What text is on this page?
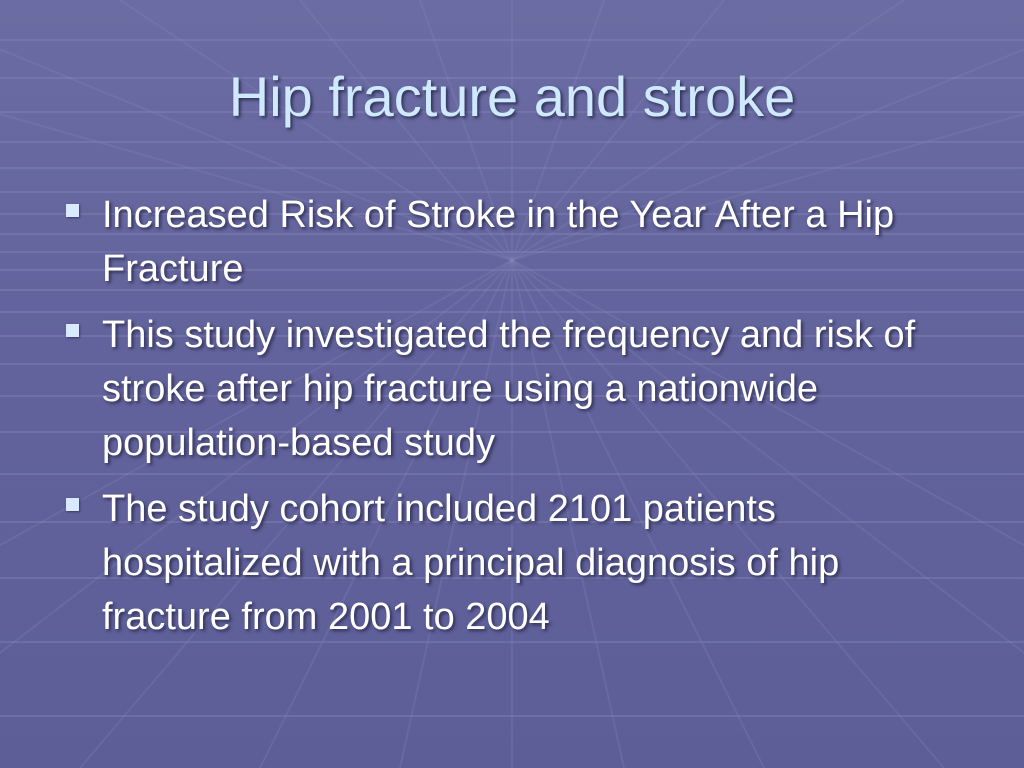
Hip fracture and stroke
Increased Risk of Stroke in the Year After a Hip Fracture
This study investigated the frequency and risk of stroke after hip fracture using a nationwide population-based study
The study cohort included 2101 patients hospitalized with a principal diagnosis of hip fracture from 2001 to 2004
